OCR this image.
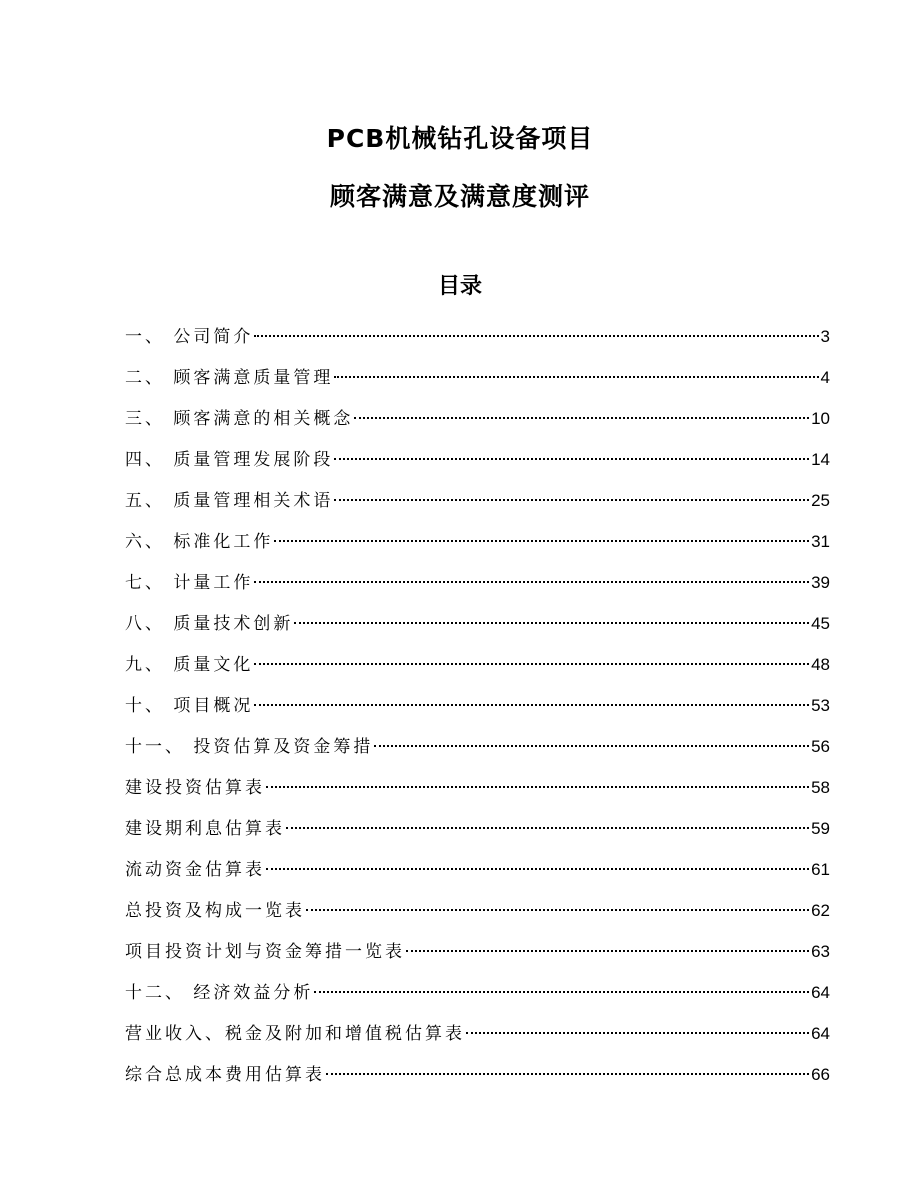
PCB机械钻孔设备项目
顾客满意及满意度测评
目录
一、 公司简介	3
二、 顾客满意质量管理	4
三、 顾客满意的相关概念	10
四、 质量管理发展阶段	14
五、 质量管理相关术语	25
六、 标准化工作	31
七、 计量工作	39
八、 质量技术创新	45
九、 质量文化	48
十、 项目概况	53
十一、 投资估算及资金筹措	56
建设投资估算表	58
建设期利息估算表	59
流动资金估算表	61
总投资及构成一览表	62
项目投资计划与资金筹措一览表	63
十二、 经济效益分析	64
营业收入、税金及附加和增值税估算表	64
综合总成本费用估算表	66
